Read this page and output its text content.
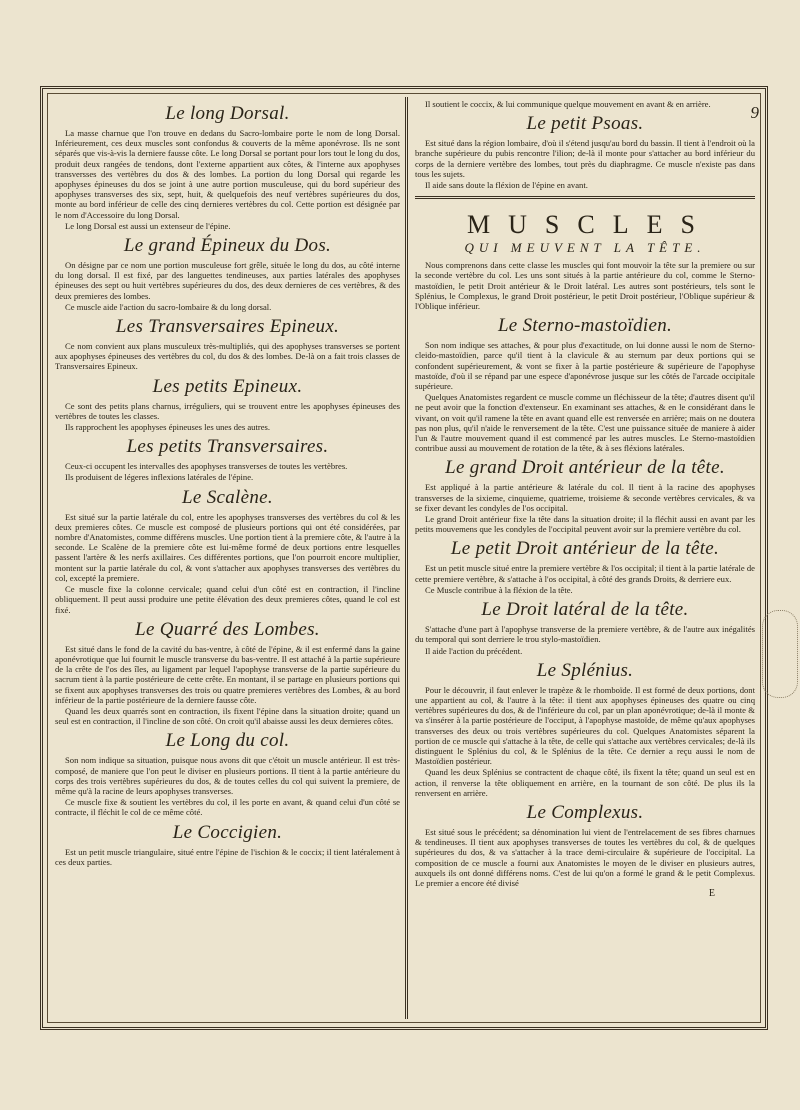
9
Le long Dorsal.

La masse charnue que l'on trouve en dedans du Sacro-lombaire porte le nom de long Dorsal. Inférieurement, ces deux muscles sont confondus & couverts de la même aponévrose. Ils ne sont séparés que vis-à-vis la derniere fausse côte. Le long Dorsal se portant pour lors tout le long du dos, produit deux rangées de tendons, dont l'externe appartient aux côtes, & l'interne aux apophyses transversses des vertèbres du dos & des lombes. La portion du long Dorsal qui regarde les apophyses épineuses du dos se joint à une autre portion musculeuse, qui du bord supérieur des apophyses transverses des six, sept, huit, & quelquefois des neuf vertèbres supérieures du dos, monte au bord inférieur de celle des cinq dernieres vertèbres du col. Cette portion est désignée par le nom d'Accessoire du long Dorsal.

Le long Dorsal est aussi un extenseur de l'épine.

Le grand Épineux du Dos.

On désigne par ce nom une portion musculeuse fort grêle, située le long du dos, au côté interne du long dorsal. Il est fixé, par des languettes tendineuses, aux parties latérales des apophyses épineuses des sept ou huit vertèbres supérieures du dos, des deux dernieres de ces vertèbres, & des deux premieres des lombes.

Ce muscle aide l'action du sacro-lombaire & du long dorsal.

Les Transversaires Epineux.

Ce nom convient aux plans musculeux très-multipliés, qui des apophyses transverses se portent aux apophyses épineuses des vertèbres du col, du dos & des lombes. De-là on a fait trois classes de Transversaires Epineux.

Les petits Epineux.

Ce sont des petits plans charnus, irréguliers, qui se trouvent entre les apophyses épineuses des vertèbres de toutes les classes.

Ils rapprochent les apophyses épineuses les unes des autres.

Les petits Transversaires.

Ceux-ci occupent les intervalles des apophyses transverses de toutes les vertèbres.

Ils produisent de légeres inflexions latérales de l'épine.

Le Scalène.

Est situé sur la partie latérale du col, entre les apophyses transverses des vertèbres du col & les deux premieres côtes. Ce muscle est composé de plusieurs portions qui ont été considérées, par nombre d'Anatomistes, comme différens muscles. Une portion tient à la premiere côte, & l'autre à la seconde. Le Scalène de la premiere côte est lui-même formé de deux portions entre lesquelles passent l'artère & les nerfs axillaires. Ces différentes portions, que l'on pourroit encore multiplier, montent sur la partie latérale du col, & vont s'attacher aux apophyses transverses des vertèbres du col, excepté la premiere.

Ce muscle fixe la colonne cervicale; quand celui d'un côté est en contraction, il l'incline obliquement. Il peut aussi produire une petite élévation des deux premieres côtes, quand le col est fixé.

Le Quarré des Lombes.

Est situé dans le fond de la cavité du bas-ventre, à côté de l'épine, & il est enfermé dans la gaine aponévrotique que lui fournit le muscle transverse du bas-ventre. Il est attaché à la partie supérieure de la crête de l'os des îles, au ligament par lequel l'apophyse transverse de la partie supérieure du sacrum tient à la partie postérieure de cette crête. En montant, il se partage en plusieurs portions qui se fixent aux apophyses transverses des trois ou quatre premieres vertèbres des Lombes, & au bord inférieur de la partie postérieure de la derniere fausse côte.

Quand les deux quarrés sont en contraction, ils fixent l'épine dans la situation droite; quand un seul est en contraction, il l'incline de son côté. On croit qu'il abaisse aussi les deux dernieres côtes.

Le Long du col.

Son nom indique sa situation, puisque nous avons dit que c'étoit un muscle antérieur. Il est très-composé, de maniere que l'on peut le diviser en plusieurs portions. Il tient à la partie antérieure du corps des trois vertèbres supérieures du dos, & de toutes celles du col qui suivent la premiere, de même qu'à la racine de leurs apophyses transverses.

Ce muscle fixe & soutient les vertèbres du col, il les porte en avant, & quand celui d'un côté se contracte, il fléchit le col de ce même côté.

Le Coccigien.

Est un petit muscle triangulaire, situé entre l'épine de l'ischion & le coccix; il tient latéralement à ces deux parties.

Il soutient le coccix, & lui communique quelque mouvement en avant & en arrière.

Le petit Psoas.

Est situé dans la région lombaire, d'où il s'étend jusqu'au bord du bassin. Il tient à l'endroit où la branche supérieure du pubis rencontre l'ilion; de-là il monte pour s'attacher au bord inférieur du corps de la derniere vertèbre des lombes, tout près du diaphragme. Ce muscle n'existe pas dans tous les sujets.

Il aide sans doute la fléxion de l'épine en avant.

MUSCLES
QUI MEUVENT LA TÊTE.

Nous comprenons dans cette classe les muscles qui font mouvoir la tête sur la premiere ou sur la seconde vertèbre du col. Les uns sont situés à la partie antérieure du col, comme le Sterno-mastoïdien, le petit Droit antérieur & le Droit latéral. Les autres sont postérieurs, tels sont le Splénius, le Complexus, le grand Droit postérieur, le petit Droit postérieur, l'Oblique supérieur & l'Oblique inférieur.

Le Sterno-mastoïdien.

Son nom indique ses attaches, & pour plus d'exactitude, on lui donne aussi le nom de Sterno-cleido-mastoïdien, parce qu'il tient à la clavicule & au sternum par deux portions qui se confondent supérieurement, & vont se fixer à la partie postérieure & supérieure de l'apophyse mastoïde, d'où il se répand par une espece d'aponévrose jusque sur les côtés de l'arcade occipitale supérieure.

Quelques Anatomistes regardent ce muscle comme un fléchisseur de la tête; d'autres disent qu'il ne peut avoir que la fonction d'extenseur. En examinant ses attaches, & en le considérant dans le vivant, on voit qu'il ramene la tête en avant quand elle est renversée en arrière; mais on ne doutera pas non plus, qu'il n'aide le renversement de la tête. C'est une puissance située de maniere à aider l'un & l'autre mouvement quand il est commencé par les autres muscles. Le Sterno-mastoïdien contribue aussi au mouvement de rotation de la tête, & à ses fléxions latérales.

Le grand Droit antérieur de la tête.

Est appliqué à la partie antérieure & latérale du col. Il tient à la racine des apophyses transverses de la sixieme, cinquieme, quatrieme, troisieme & seconde vertèbres cervicales, & va se fixer devant les condyles de l'os occipital.

Le grand Droit antérieur fixe la tête dans la situation droite; il la fléchit aussi en avant par les petits mouvemens que les condyles de l'occipital peuvent avoir sur la premiere vertèbre du col.

Le petit Droit antérieur de la tête.

Est un petit muscle situé entre la premiere vertèbre & l'os occipital; il tient à la partie latérale de cette premiere vertèbre, & s'attache à l'os occipital, à côté des grands Droits, & derriere eux.

Ce Muscle contribue à la fléxion de la tête.

Le Droit latéral de la tête.

S'attache d'une part à l'apophyse transverse de la premiere vertèbre, & de l'autre aux inégalités du temporal qui sont derriere le trou stylo-mastoïdien.

Il aide l'action du précédent.

Le Splénius.

Pour le découvrir, il faut enlever le trapèze & le rhomboïde. Il est formé de deux portions, dont une appartient au col, & l'autre à la tête: il tient aux apophyses épineuses des quatre ou cinq vertèbres supérieures du dos, & de l'inférieure du col, par un plan aponévrotique; de-là il monte & va s'insérer à la partie postérieure de l'occiput, à l'apophyse mastoïde, de même qu'aux apophyses transverses des deux ou trois vertèbres supérieures du col. Quelques Anatomistes séparent la portion de ce muscle qui s'attache à la tête, de celle qui s'attache aux vertèbres cervicales; de-là ils distinguent le Splénius du col, & le Splénius de la tête. Ce dernier a reçu aussi le nom de Mastoïdien postérieur.

Quand les deux Splénius se contractent de chaque côté, ils fixent la tête; quand un seul est en action, il renverse la tête obliquement en arrière, en la tournant de son côté. De plus ils la renversent en arrière.

Le Complexus.

Est situé sous le précédent; sa dénomination lui vient de l'entrelacement de ses fibres charnues & tendineuses. Il tient aux apophyses transverses de toutes les vertèbres du col, & de quelques supérieures du dos, & va s'attacher à la trace demi-circulaire & supérieure de l'occipital. La composition de ce muscle a fourni aux Anatomistes le moyen de le diviser en plusieurs autres, auxquels ils ont donné différens noms. C'est de lui qu'on a formé le grand & le petit Complexus. Le premier a encore été divisé

E
